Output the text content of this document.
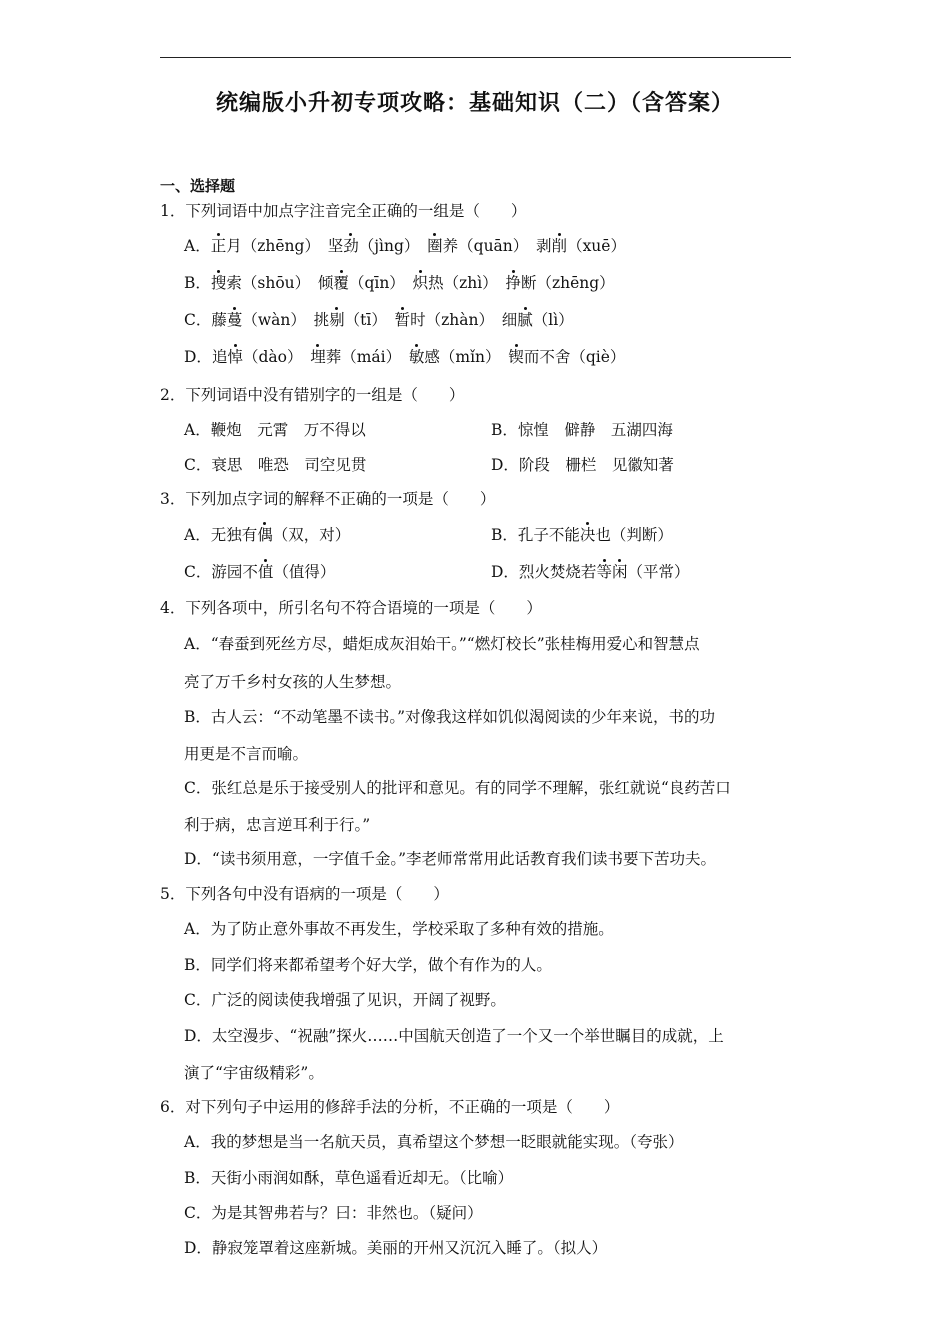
统编版小升初专项攻略：基础知识（二）（含答案）
一、选择题
1．下列词语中加点字注音完全正确的一组是（　　）
A．正月（zhēng）　坚劲（jìng）　圈养（quān）　剥削（xuē）
B．搜索（shōu）　倾覆（qīn）　炽热（zhì）　挣断（zhēng）
C．藤蔓（wàn）　挑剔（tī）　暂时（zhàn）　细腻（lì）
D．追悼（dào）　埋葬（mái）　敏感（mǐn）　锲而不舍（qiè）
2．下列词语中没有错别字的一组是（　　）
A．鞭炮　元霄　万不得以	B．惊惶　僻静　五湖四海
C．衰思　唯恐　司空见贯	D．阶段　栅栏　见徽知著
3．下列加点字词的解释不正确的一项是（　　）
A．无独有偶（双，对）	B．孔子不能决也（判断）
C．游园不值（值得）	D．烈火焚烧若等闲（平常）
4．下列各项中，所引名句不符合语境的一项是（　　）
A．“春蚕到死丝方尽，蜡炬成灰泪始干。”“燃灯校长”张桂梅用爱心和智慧点
亮了万千乡村女孩的人生梦想。
B．古人云：“不动笔墨不读书。”对像我这样如饥似渴阅读的少年来说，书的功
用更是不言而喻。
C．张红总是乐于接受别人的批评和意见。有的同学不理解，张红就说“良药苦口
利于病，忠言逆耳利于行。”
D．“读书须用意，一字值千金。”李老师常常用此话教育我们读书要下苦功夫。
5．下列各句中没有语病的一项是（　　）
A．为了防止意外事故不再发生，学校采取了多种有效的措施。
B．同学们将来都希望考个好大学，做个有作为的人。
C．广泛的阅读使我增强了见识，开阔了视野。
D．太空漫步、“祝融”探火……中国航天创造了一个又一个举世瞩目的成就，上
演了“宇宙级精彩”。
6．对下列句子中运用的修辞手法的分析，不正确的一项是（　　）
A．我的梦想是当一名航天员，真希望这个梦想一眨眼就能实现。（夸张）
B．天街小雨润如酥，草色遥看近却无。（比喻）
C．为是其智弗若与？曰：非然也。（疑问）
D．静寂笼罩着这座新城。美丽的开州又沉沉入睡了。（拟人）
